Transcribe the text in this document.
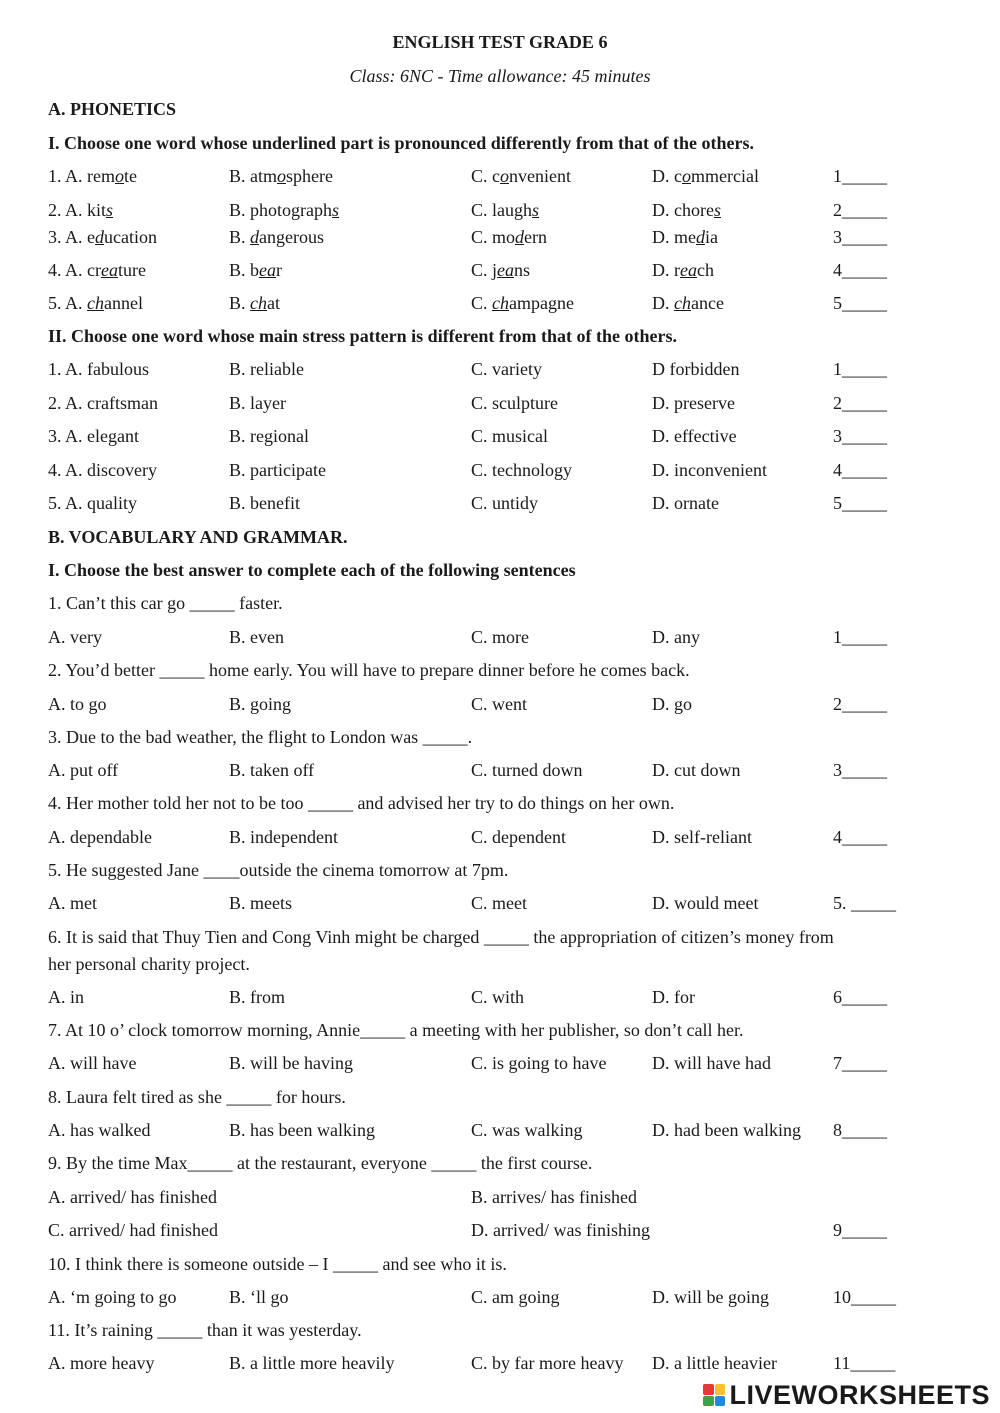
ENGLISH TEST GRADE 6
Class: 6NC - Time allowance: 45 minutes
A. PHONETICS
I. Choose one word whose underlined part is pronounced differently from that of the others.
1. A. remote	B. atmosphere	C. convenient	D. commercial	1_____
2. A. kits	B. photographs	C. laughs	D. chores	2_____
3. A. education	B. dangerous	C. modern	D. media	3_____
4. A. creature	B. bear	C. jeans	D. reach	4_____
5. A. channel	B. chat	C. champagne	D. chance	5_____
II. Choose one word whose main stress pattern is different from that of the others.
1. A. fabulous	B. reliable	C. variety	D forbidden	1_____
2. A. craftsman	B. layer	C. sculpture	D. preserve	2_____
3. A. elegant	B. regional	C. musical	D. effective	3_____
4. A. discovery	B. participate	C. technology	D. inconvenient	4_____
5. A. quality	B. benefit	C. untidy	D. ornate	5_____
B. VOCABULARY AND GRAMMAR.
I. Choose the best answer to complete each of the following sentences
1. Can’t this car go _____ faster.
A. very	B. even	C. more	D. any	1_____
2. You’d better _____ home early. You will have to prepare dinner before he comes back.
A. to go	B. going	C. went	D. go	2_____
3. Due to the bad weather, the flight to London was _____.
A. put off	B. taken off	C. turned down	D. cut down	3_____
4. Her mother told her not to be too _____ and advised her try to do things on her own.
A. dependable	B. independent	C. dependent	D. self-reliant	4_____
5. He suggested Jane ____outside the cinema tomorrow at 7pm.
A. met	B. meets	C. meet	D. would meet	5. _____
6. It is said that Thuy Tien and Cong Vinh might be charged _____ the appropriation of citizen’s money from
her personal charity project.
A. in	B. from	C. with	D. for	6_____
7. At 10 o’ clock tomorrow morning, Annie_____ a meeting with her publisher, so don’t call her.
A. will have	B. will be having	C. is going to have	D. will have had	7_____
8. Laura felt tired as she _____ for hours.
A. has walked	B. has been walking	C. was walking	D. had been walking 8_____
9. By the time Max_____ at the restaurant, everyone _____ the first course.
A. arrived/ has finished	B. arrives/ has finished
C. arrived/ had finished	D. arrived/ was finishing	9_____
10. I think there is someone outside – I _____ and see who it is.
A. ‘m going to go	B. ‘ll go	C. am going	D. will be going	10_____
11. It’s raining _____ than it was yesterday.
A. more heavy	B. a little more heavily	C. by far more heavy D. a little heavier	11_____
LIVEWORKSHEETS
